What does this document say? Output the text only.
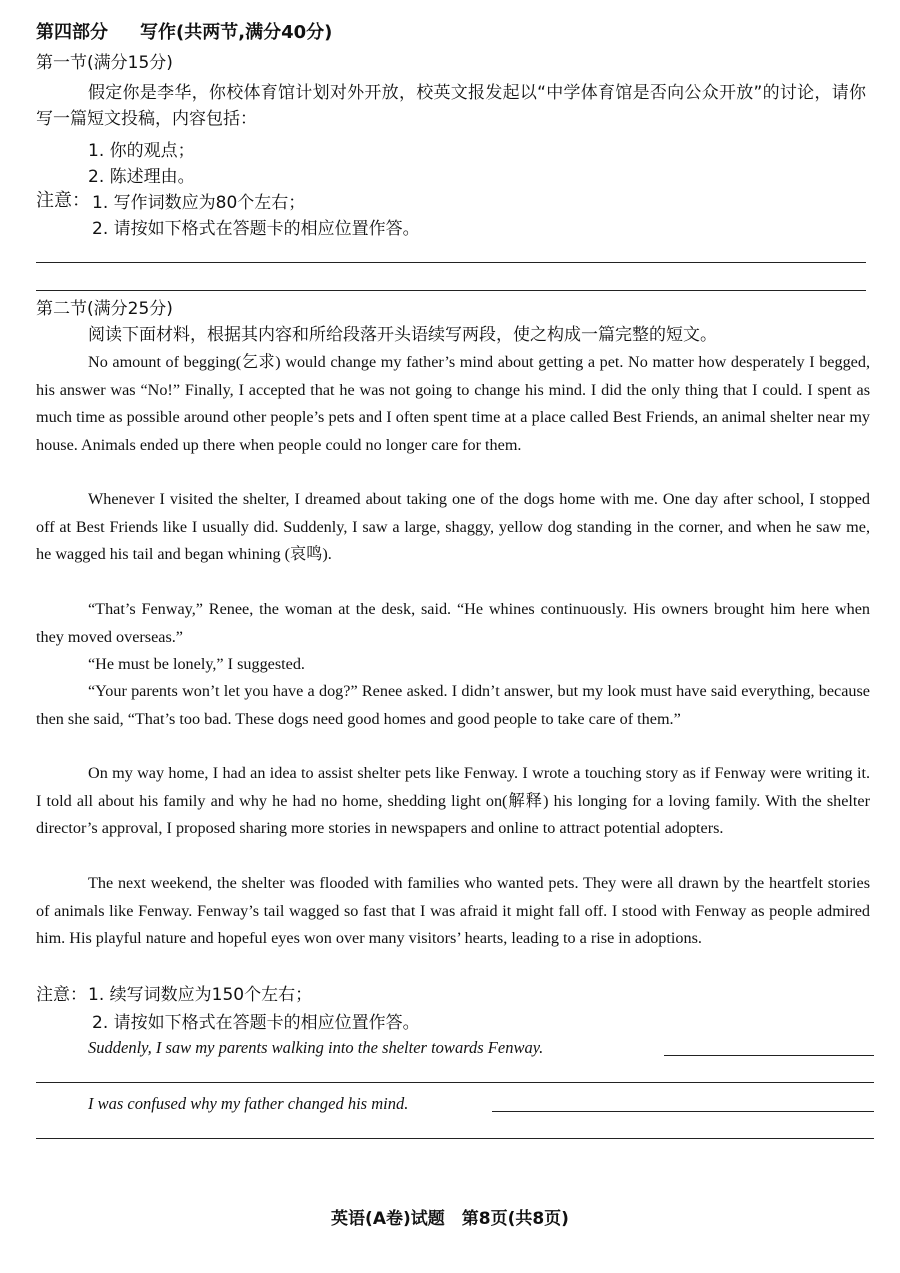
第四部分 写作(共两节,满分40分)
第一节(满分15分)
假定你是李华，你校体育馆计划对外开放，校英文报发起以“中学体育馆是否向公众开放”的讨论，请你写一篇短文投稿，内容包括：
1. 你的观点；
2. 陈述理由。
注意： 1. 写作词数应为80个左右；
2. 请按如下格式在答题卡的相应位置作答。
第二节(满分25分)
阅读下面材料，根据其内容和所给段落开头语续写两段，使之构成一篇完整的短文。
No amount of begging(乞求) would change my father’s mind about getting a pet. No matter how desperately I begged, his answer was “No!” Finally, I accepted that he was not going to change his mind. I did the only thing that I could. I spent as much time as possible around other people’s pets and I often spent time at a place called Best Friends, an animal shelter near my house. Animals ended up there when people could no longer care for them.
Whenever I visited the shelter, I dreamed about taking one of the dogs home with me. One day after school, I stopped off at Best Friends like I usually did. Suddenly, I saw a large, shaggy, yellow dog standing in the corner, and when he saw me, he wagged his tail and began whining (哀鸣).
“That’s Fenway,” Renee, the woman at the desk, said. “He whines continuously. His owners brought him here when they moved overseas.”
“He must be lonely,” I suggested.
“Your parents won’t let you have a dog?” Renee asked. I didn’t answer, but my look must have said everything, because then she said, “That’s too bad. These dogs need good homes and good people to take care of them.”
On my way home, I had an idea to assist shelter pets like Fenway. I wrote a touching story as if Fenway were writing it. I told all about his family and why he had no home, shedding light on(解释) his longing for a loving family. With the shelter director’s approval, I proposed sharing more stories in newspapers and online to attract potential adopters.
The next weekend, the shelter was flooded with families who wanted pets. They were all drawn by the heartfelt stories of animals like Fenway. Fenway’s tail wagged so fast that I was afraid it might fall off. I stood with Fenway as people admired him. His playful nature and hopeful eyes won over many visitors’ hearts, leading to a rise in adoptions.
注意： 1. 续写词数应为150个左右；
2. 请按如下格式在答题卡的相应位置作答。
Suddenly, I saw my parents walking into the shelter towards Fenway.
I was confused why my father changed his mind.
英语(A卷)试题　第8页(共8页)
